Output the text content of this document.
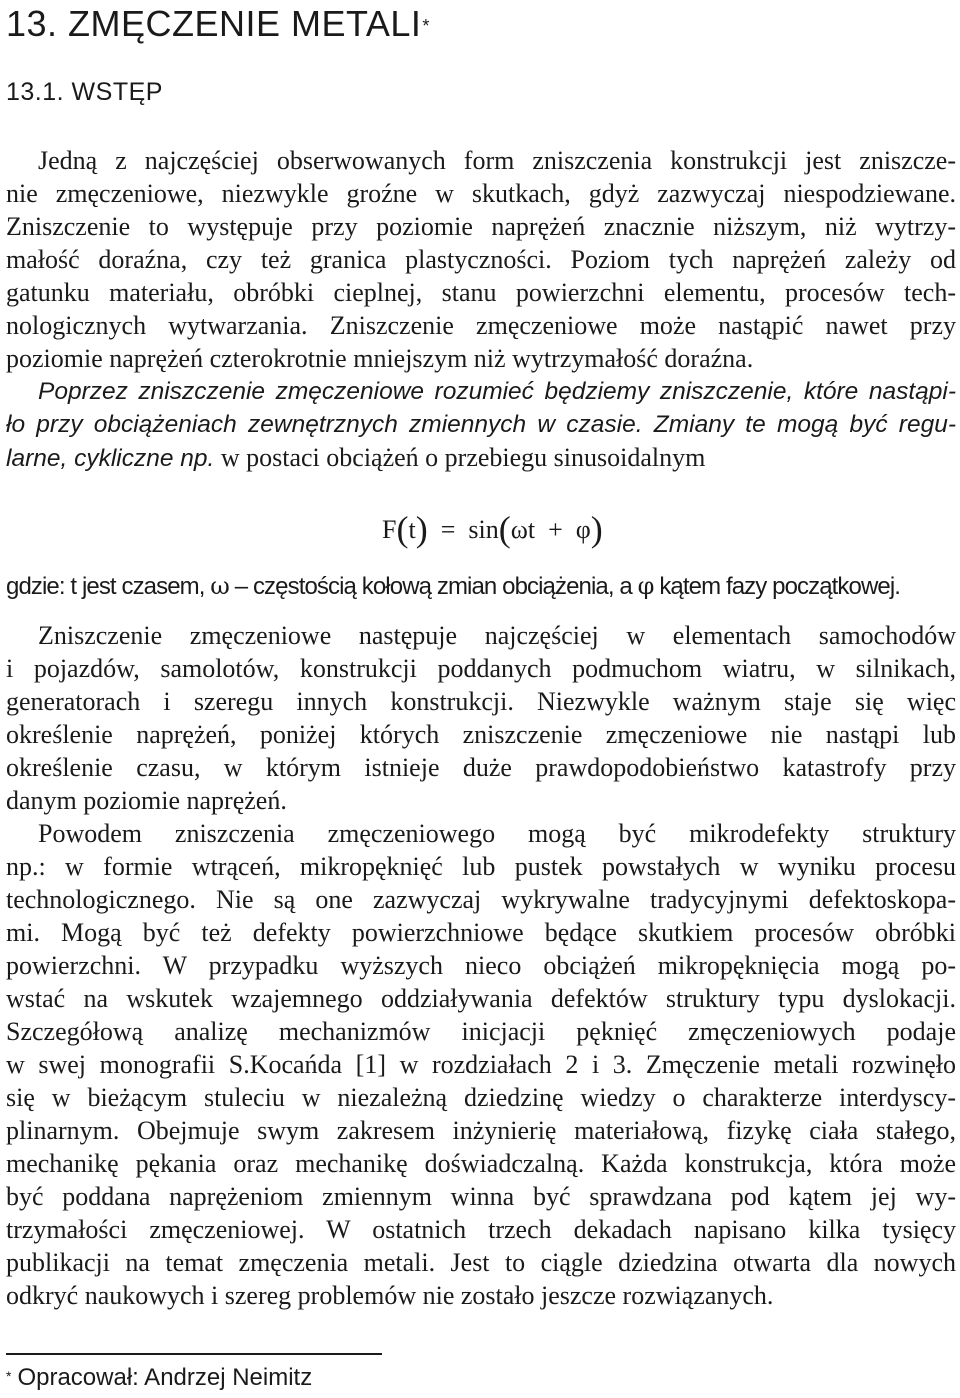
13. ZMĘCZENIE METALI*
13.1. WSTĘP
Jedną z najczęściej obserwowanych form zniszczenia konstrukcji jest zniszcze-
nie zmęczeniowe, niezwykle groźne w skutkach, gdyż zazwyczaj niespodziewane.
Zniszczenie to występuje przy poziomie naprężeń znacznie niższym, niż wytrzy-
małość doraźna, czy też granica plastyczności. Poziom tych naprężeń zależy od
gatunku materiału, obróbki cieplnej, stanu powierzchni elementu, procesów tech-
nologicznych wytwarzania. Zniszczenie zmęczeniowe może nastąpić nawet przy
poziomie naprężeń czterokrotnie mniejszym niż wytrzymałość doraźna.
Poprzez zniszczenie zmęczeniowe rozumieć będziemy zniszczenie, które nastąpi-
ło przy obciążeniach zewnętrznych zmiennych w czasie. Zmiany te mogą być regu-
larne, cykliczne np. w postaci obciążeń o przebiegu sinusoidalnym
F(t) = sin(ωt + φ)
gdzie: t jest czasem, ω – częstością kołową zmian obciążenia, a φ kątem fazy początkowej.
Zniszczenie zmęczeniowe następuje najczęściej w elementach samochodów
i pojazdów, samolotów, konstrukcji poddanych podmuchom wiatru, w silnikach,
generatorach i szeregu innych konstrukcji. Niezwykle ważnym staje się więc
określenie naprężeń, poniżej których zniszczenie zmęczeniowe nie nastąpi lub
określenie czasu, w którym istnieje duże prawdopodobieństwo katastrofy przy
danym poziomie naprężeń.
Powodem zniszczenia zmęczeniowego mogą być mikrodefekty struktury
np.: w formie wtrąceń, mikropęknięć lub pustek powstałych w wyniku procesu
technologicznego. Nie są one zazwyczaj wykrywalne tradycyjnymi defektoskopa-
mi. Mogą być też defekty powierzchniowe będące skutkiem procesów obróbki
powierzchni. W przypadku wyższych nieco obciążeń mikropęknięcia mogą po-
wstać na wskutek wzajemnego oddziaływania defektów struktury typu dyslokacji.
Szczegółową analizę mechanizmów inicjacji pęknięć zmęczeniowych podaje
w swej monografii S.Kocańda [1] w rozdziałach 2 i 3. Zmęczenie metali rozwinęło
się w bieżącym stuleciu w niezależną dziedzinę wiedzy o charakterze interdyscy-
plinarnym. Obejmuje swym zakresem inżynierię materiałową, fizykę ciała stałego,
mechanikę pękania oraz mechanikę doświadczalną. Każda konstrukcja, która może
być poddana naprężeniom zmiennym winna być sprawdzana pod kątem jej wy-
trzymałości zmęczeniowej. W ostatnich trzech dekadach napisano kilka tysięcy
publikacji na temat zmęczenia metali. Jest to ciągle dziedzina otwarta dla nowych
odkryć naukowych i szereg problemów nie zostało jeszcze rozwiązanych.
* Opracował: Andrzej Neimitz
